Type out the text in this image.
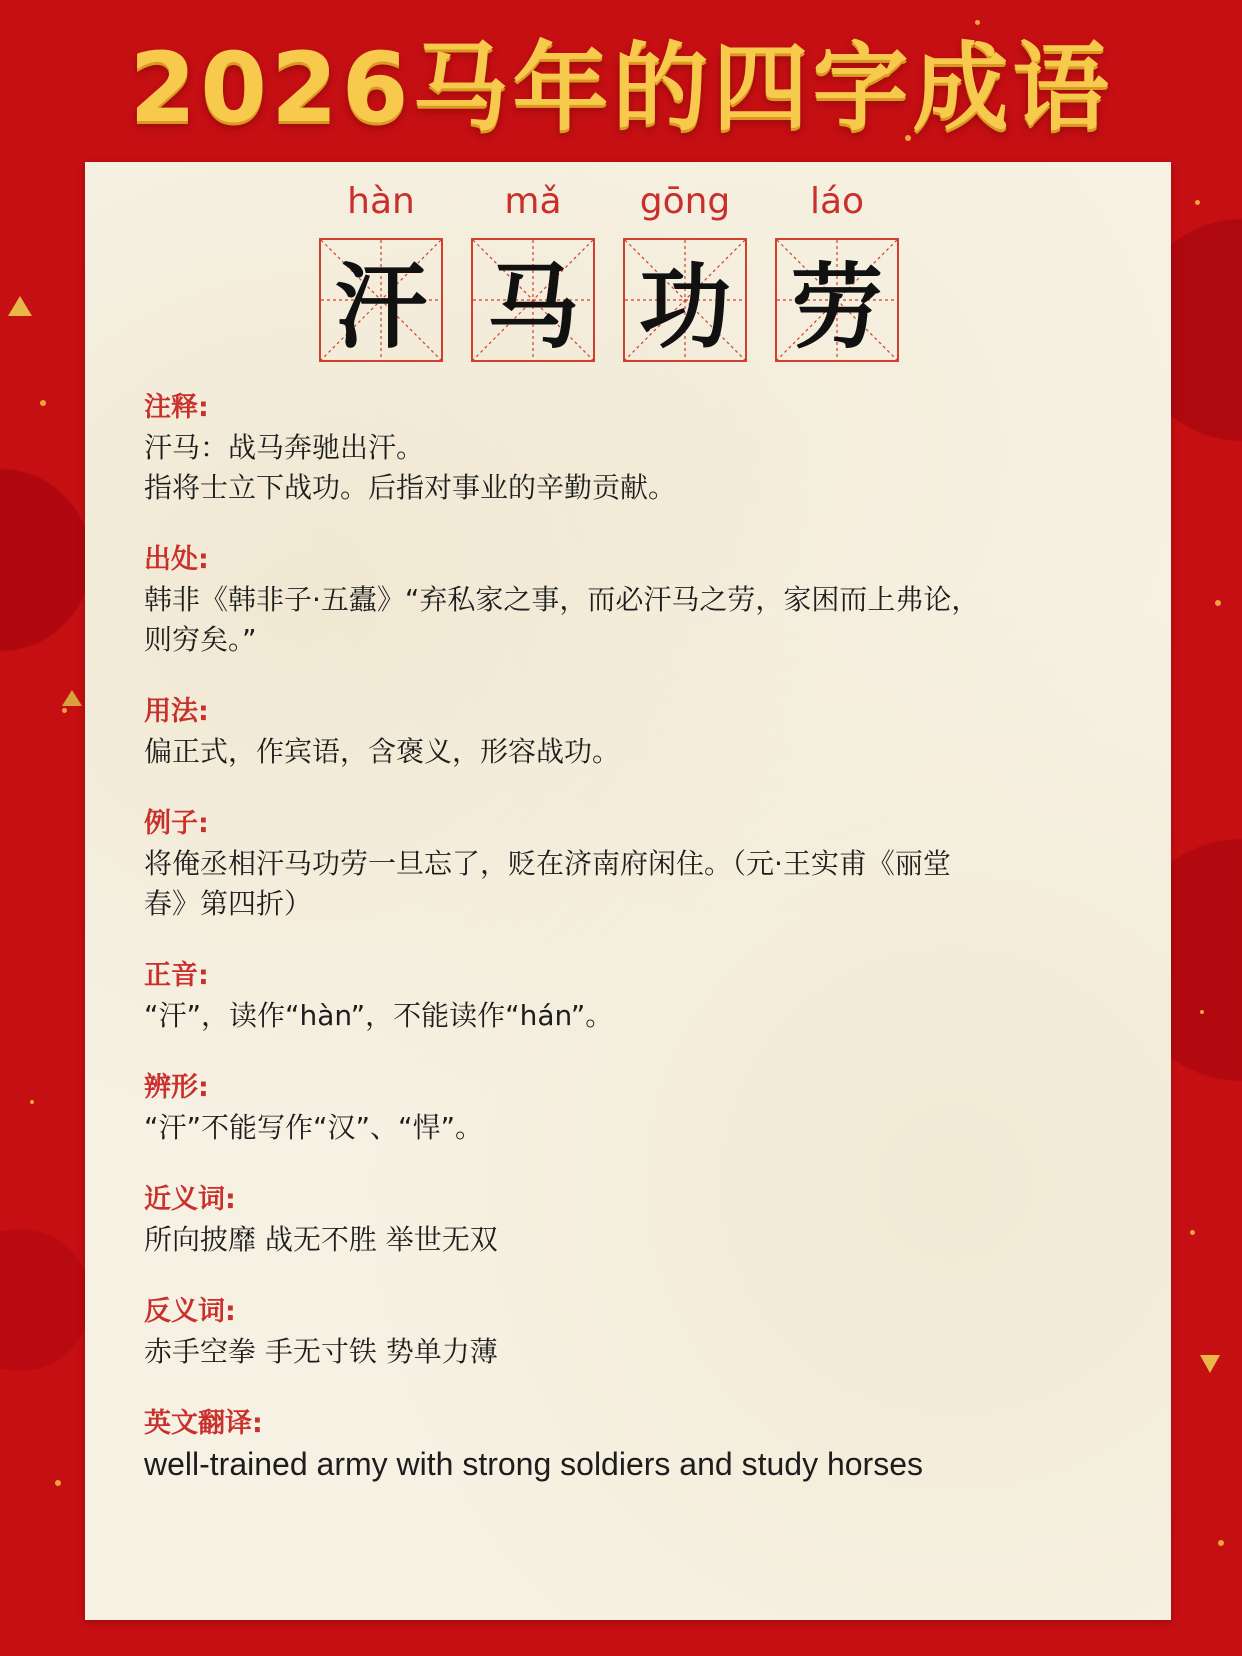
2026马年的四字成语
hàn
汗
mǎ
马
gōng
功
láo
劳
注释:
汗马：战马奔驰出汗。
指将士立下战功。后指对事业的辛勤贡献。
出处:
韩非《韩非子·五蠹》“弃私家之事，而必汗马之劳，家困而上弗论，
则穷矣。”
用法:
偏正式，作宾语，含褒义，形容战功。
例子:
将俺丞相汗马功劳一旦忘了，贬在济南府闲住。（元·王实甫《丽堂
春》第四折）
正音:
“汗”，读作“hàn”，不能读作“hán”。
辨形:
“汗”不能写作“汉”、“悍”。
近义词:
所向披靡 战无不胜 举世无双
反义词:
赤手空拳 手无寸铁 势单力薄
英文翻译:
well-trained army with strong soldiers and study horses
